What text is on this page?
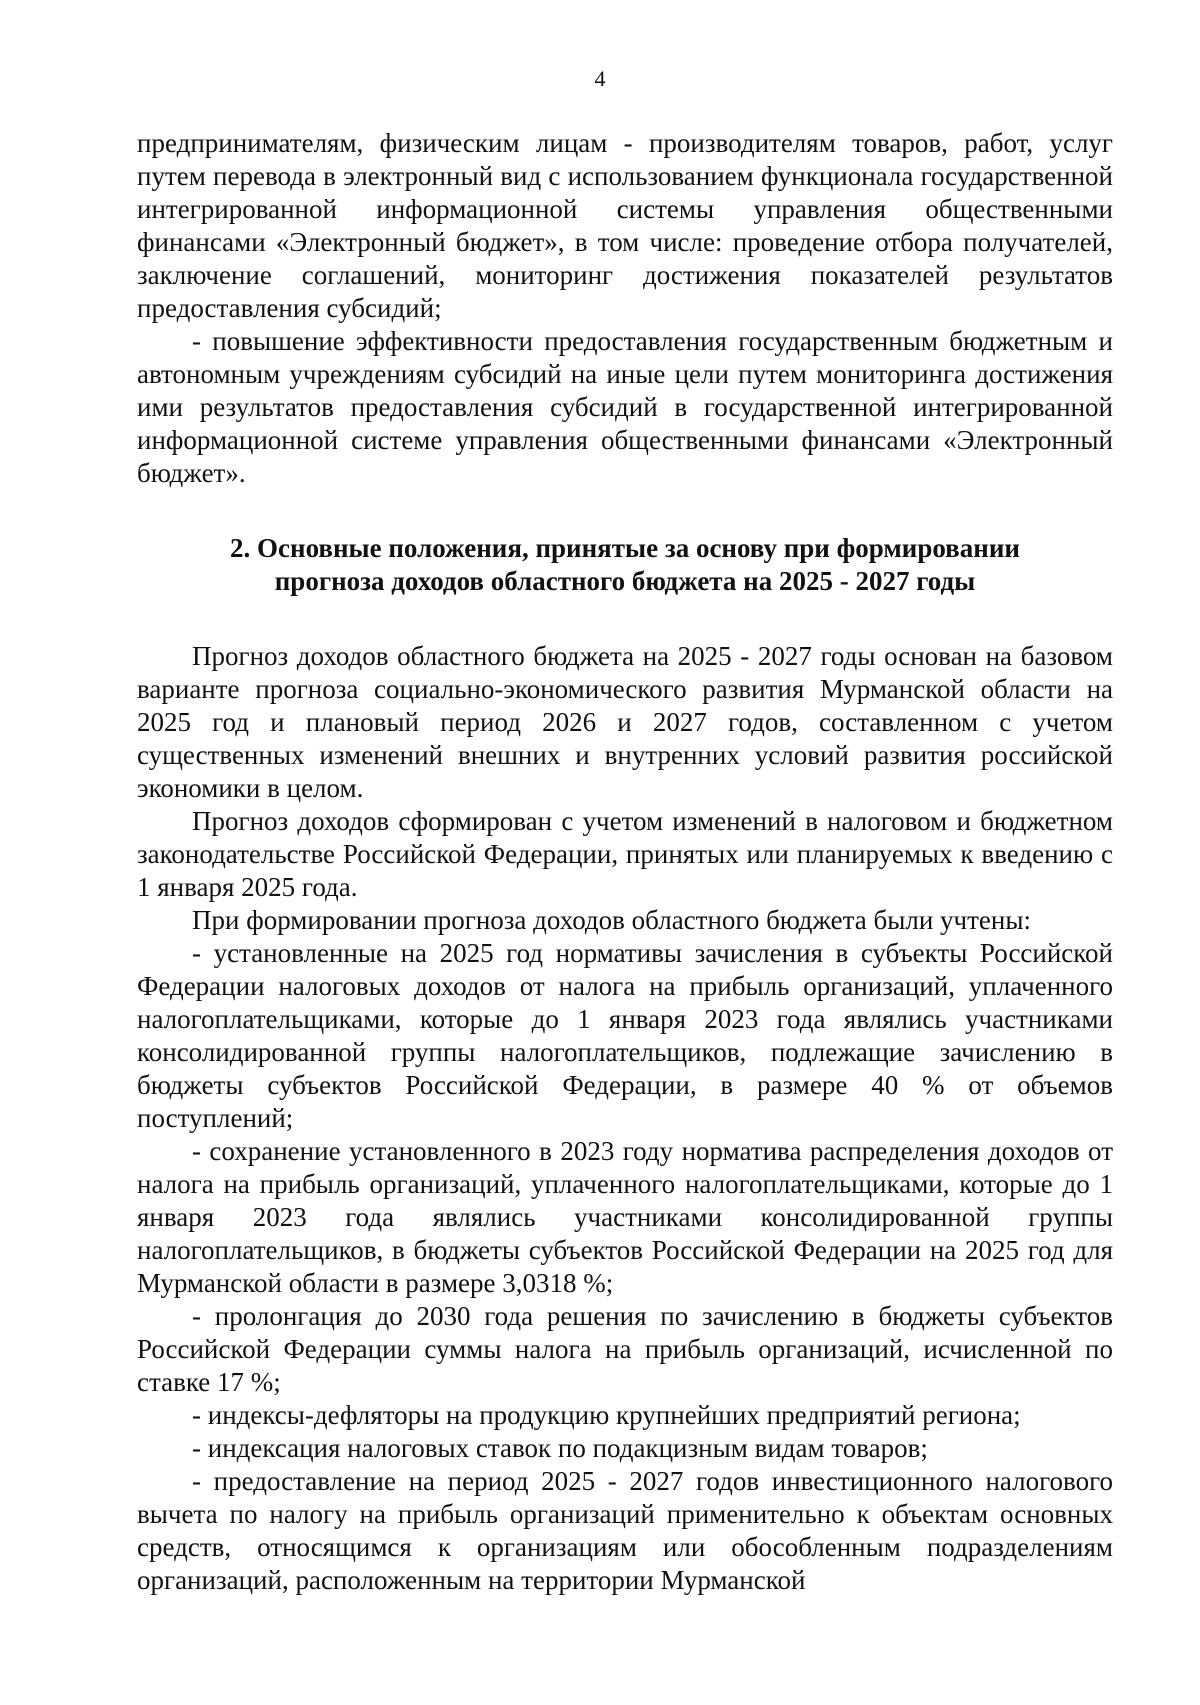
4

предпринимателям, физическим лицам - производителям товаров, работ, услуг путем перевода в электронный вид с использованием функционала государственной интегрированной информационной системы управления общественными финансами «Электронный бюджет», в том числе: проведение отбора получателей, заключение соглашений, мониторинг достижения показателей результатов предоставления субсидий;

- повышение эффективности предоставления государственным бюджетным и автономным учреждениям субсидий на иные цели путем мониторинга достижения ими результатов предоставления субсидий в государственной интегрированной информационной системе управления общественными финансами «Электронный бюджет».

2. Основные положения, принятые за основу при формировании
прогноза доходов областного бюджета на 2025 - 2027 годы

Прогноз доходов областного бюджета на 2025 - 2027 годы основан на базовом варианте прогноза социально-экономического развития Мурманской области на 2025 год и плановый период 2026 и 2027 годов, составленном с учетом существенных изменений внешних и внутренних условий развития российской экономики в целом.

Прогноз доходов сформирован с учетом изменений в налоговом и бюджетном законодательстве Российской Федерации, принятых или планируемых к введению с 1 января 2025 года.

При формировании прогноза доходов областного бюджета были учтены:

- установленные на 2025 год нормативы зачисления в субъекты Российской Федерации налоговых доходов от налога на прибыль организаций, уплаченного налогоплательщиками, которые до 1 января 2023 года являлись участниками консолидированной группы налогоплательщиков, подлежащие зачислению в бюджеты субъектов Российской Федерации, в размере 40 % от объемов поступлений;

- сохранение установленного в 2023 году норматива распределения доходов от налога на прибыль организаций, уплаченного налогоплательщиками, которые до 1 января 2023 года являлись участниками консолидированной группы налогоплательщиков, в бюджеты субъектов Российской Федерации на 2025 год для Мурманской области в размере 3,0318 %;

- пролонгация до 2030 года решения по зачислению в бюджеты субъектов Российской Федерации суммы налога на прибыль организаций, исчисленной по ставке 17 %;

- индексы-дефляторы на продукцию крупнейших предприятий региона;

- индексация налоговых ставок по подакцизным видам товаров;

- предоставление на период 2025 - 2027 годов инвестиционного налогового вычета по налогу на прибыль организаций применительно к объектам основных средств, относящимся к организациям или обособленным подразделениям организаций, расположенным на территории Мурманской
